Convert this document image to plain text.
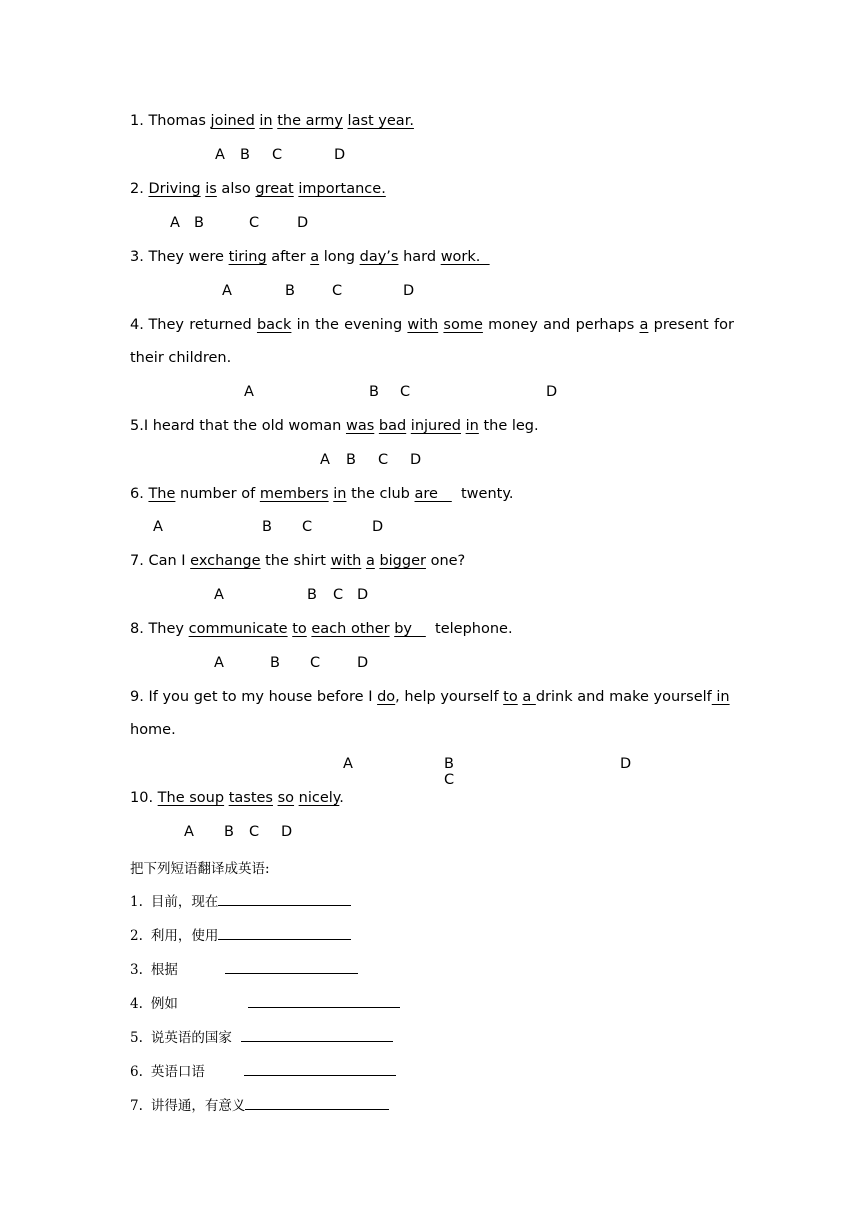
1. Thomas joined in the army last year.
A B C	D
2. Driving is also great importance.
A B	C	D
3. They were tiring after a long day’s hard work.
A	B	C	D
4. They returned back in the evening with some money and perhaps a present for
their children.
A	B C	D
5.I heard that the old woman was bad injured in the leg.
A B C D
6. The number of members in the club are     twenty.
A	B C	D
7. Can I exchange the shirt with a bigger one?
A	B C D
8. They communicate to each other by     telephone.
A	B C	D
9. If you get to my house before I do, help yourself to a drink and make yourself in
home.
A	B C
D
10. The soup tastes so nicely.
A B C D
把下列短语翻译成英语:
1. 目前，现在
2. 利用，使用
3. 根据
4. 例如
5. 说英语的国家
6. 英语口语
7. 讲得通，有意义
